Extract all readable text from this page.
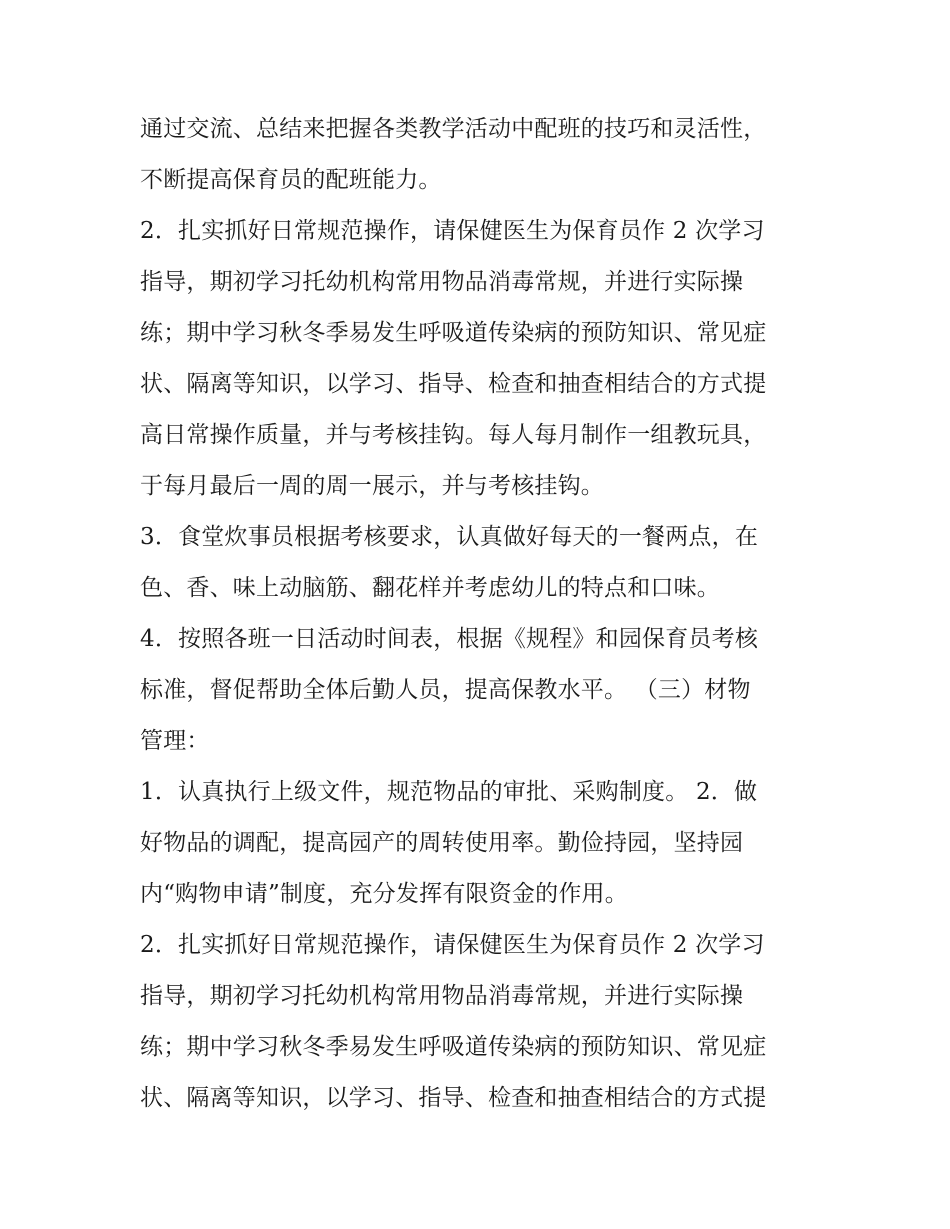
通过交流、总结来把握各类教学活动中配班的技巧和灵活性，
不断提高保育员的配班能力。
2．扎实抓好日常规范操作，请保健医生为保育员作 2 次学习
指导，期初学习托幼机构常用物品消毒常规，并进行实际操
练；期中学习秋冬季易发生呼吸道传染病的预防知识、常见症
状、隔离等知识，以学习、指导、检查和抽查相结合的方式提
高日常操作质量，并与考核挂钩。每人每月制作一组教玩具，
于每月最后一周的周一展示，并与考核挂钩。
3．食堂炊事员根据考核要求，认真做好每天的一餐两点，在
色、香、味上动脑筋、翻花样并考虑幼儿的特点和口味。
4．按照各班一日活动时间表，根据《规程》和园保育员考核
标准，督促帮助全体后勤人员，提高保教水平。 （三）材物
管理：
1．认真执行上级文件，规范物品的审批、采购制度。 2．做
好物品的调配，提高园产的周转使用率。勤俭持园，坚持园
内“购物申请”制度，充分发挥有限资金的作用。
2．扎实抓好日常规范操作，请保健医生为保育员作 2 次学习
指导，期初学习托幼机构常用物品消毒常规，并进行实际操
练；期中学习秋冬季易发生呼吸道传染病的预防知识、常见症
状、隔离等知识，以学习、指导、检查和抽查相结合的方式提
